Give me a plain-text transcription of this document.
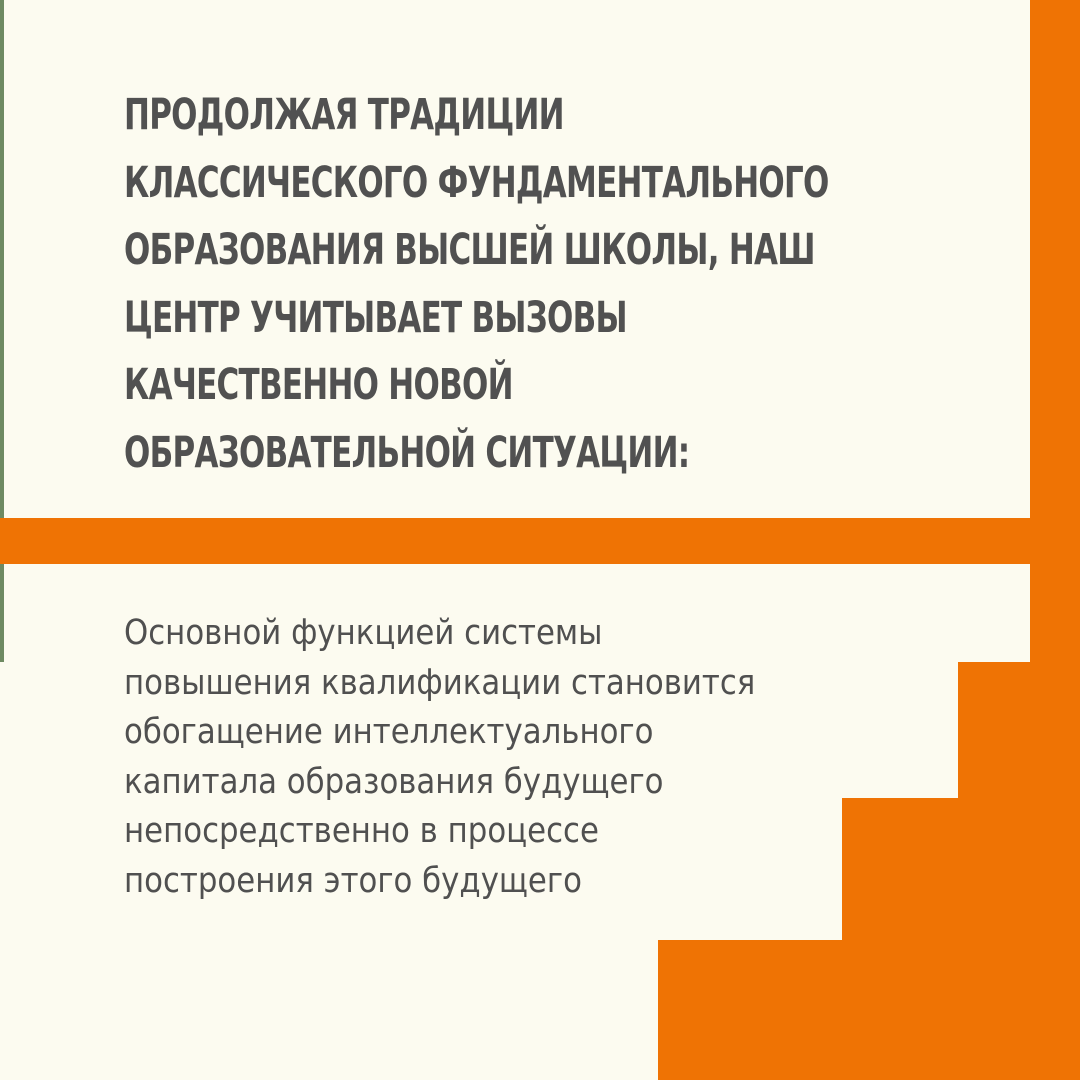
ПРОДОЛЖАЯ ТРАДИЦИИ
КЛАССИЧЕСКОГО ФУНДАМЕНТАЛЬНОГО
ОБРАЗОВАНИЯ ВЫСШЕЙ ШКОЛЫ, НАШ
ЦЕНТР УЧИТЫВАЕТ ВЫЗОВЫ
КАЧЕСТВЕННО НОВОЙ
ОБРАЗОВАТЕЛЬНОЙ СИТУАЦИИ:

Основной функцией системы
повышения квалификации становится
обогащение интеллектуального
капитала образования будущего
непосредственно в процессе
построения этого будущего
